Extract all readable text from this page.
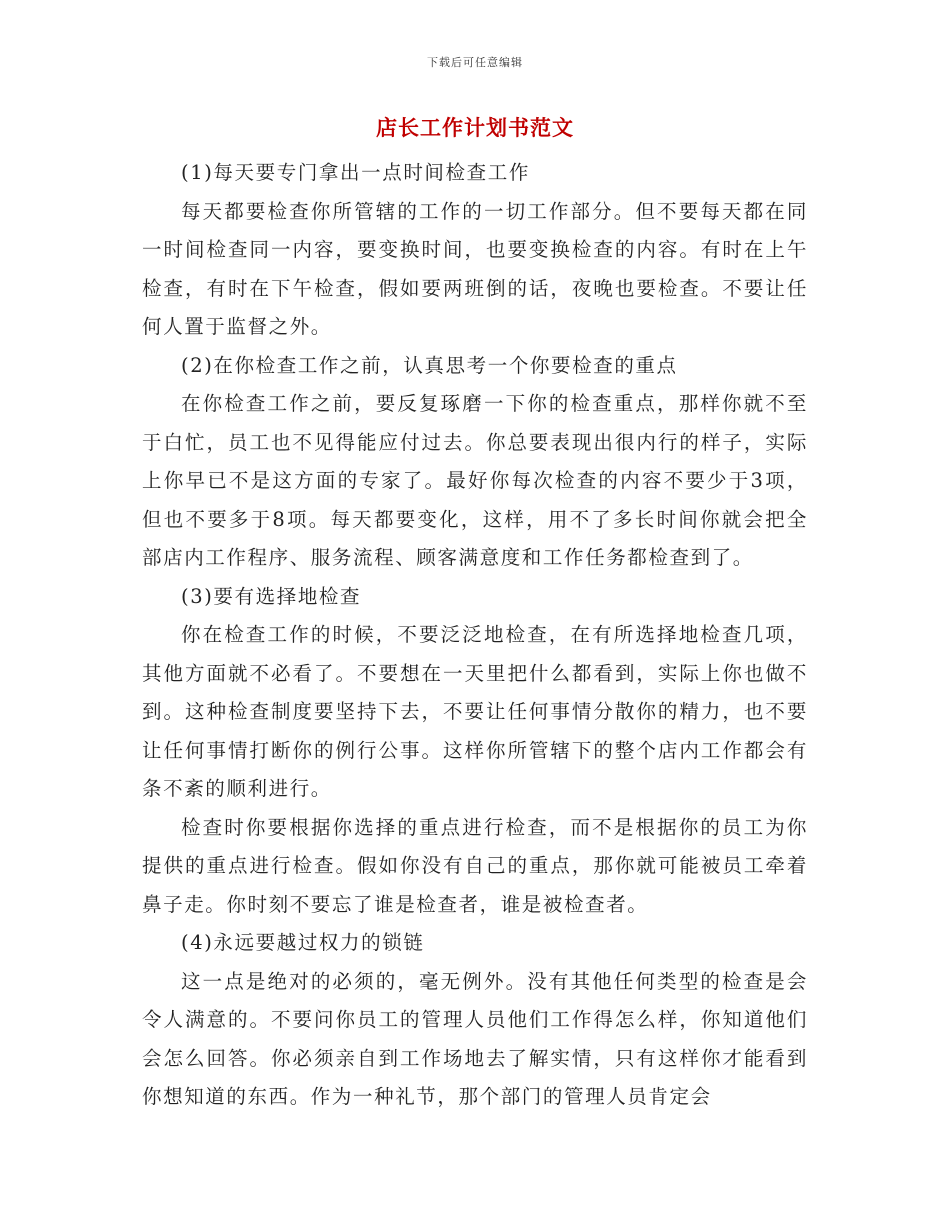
下载后可任意编辑
店长工作计划书范文

(1)每天要专门拿出一点时间检查工作

每天都要检查你所管辖的工作的一切工作部分。但不要每天都在同一时间检查同一内容，要变换时间，也要变换检查的内容。有时在上午检查，有时在下午检查，假如要两班倒的话，夜晚也要检查。不要让任何人置于监督之外。

(2)在你检查工作之前，认真思考一个你要检查的重点

在你检查工作之前，要反复琢磨一下你的检查重点，那样你就不至于白忙，员工也不见得能应付过去。你总要表现出很内行的样子，实际上你早已不是这方面的专家了。最好你每次检查的内容不要少于3项，但也不要多于8项。每天都要变化，这样，用不了多长时间你就会把全部店内工作程序、服务流程、顾客满意度和工作任务都检查到了。

(3)要有选择地检查

你在检查工作的时候，不要泛泛地检查，在有所选择地检查几项，其他方面就不必看了。不要想在一天里把什么都看到，实际上你也做不到。这种检查制度要坚持下去，不要让任何事情分散你的精力，也不要让任何事情打断你的例行公事。这样你所管辖下的整个店内工作都会有条不紊的顺利进行。

检查时你要根据你选择的重点进行检查，而不是根据你的员工为你提供的重点进行检查。假如你没有自己的重点，那你就可能被员工牵着鼻子走。你时刻不要忘了谁是检查者，谁是被检查者。

(4)永远要越过权力的锁链

这一点是绝对的必须的，毫无例外。没有其他任何类型的检查是会令人满意的。不要问你员工的管理人员他们工作得怎么样，你知道他们会怎么回答。你必须亲自到工作场地去了解实情，只有这样你才能看到你想知道的东西。作为一种礼节，那个部门的管理人员肯定会
